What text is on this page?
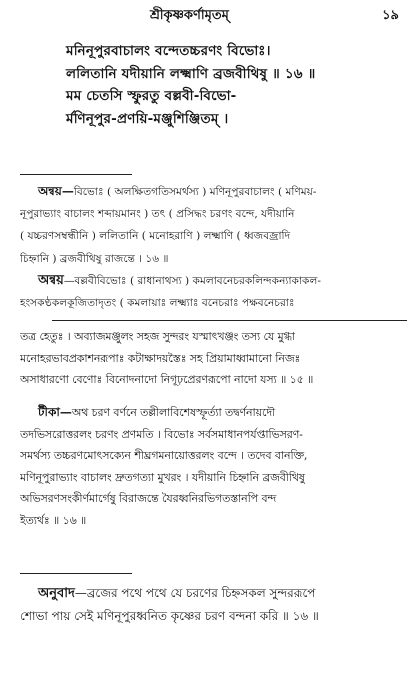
শ্রীকৃষ্ণকর্ণামৃতম্	১৯
মনিনূপুরবাচালং বন্দেতচ্চরণং বিভোঃ।
ললিতানি যদীয়ানি লক্ষ্মাণি ব্রজবীথিষু ॥ ১৬ ॥
মম চেতসি স্ফুরতু বল্লবী-বিভো-
র্মণিনূপুর-প্রণয়ি-মঞ্জুশিঞ্জিতম্ ।
অন্বয়—বিভোঃ ( অলক্ষিতগতিসমর্থস্য ) মণিনূপুরবাচালং ( মণিময়-
নূপুরাভ্যাং বাচালং শব্দায়মানং ) তৎ ( প্রসিদ্ধং চরণং বন্দে, যদীয়ানি
( যচ্চরণসম্বন্ধীনি ) ললিতানি ( মনোহরাণি ) লক্ষ্মাণি ( ধ্বজবজ্রাদি
চিহ্নানি ) ব্রজবীথিষু রাজন্তে । ১৬ ॥
অন্বয়—বল্লবীবিভোঃ ( রাধানাথস্য ) কমলাবনেচরকলিন্দকন্যাকাকল-
হংসকণ্ঠকলকূজিতাদৃতং ( কমলায়াঃ লক্ষ্ম্যাঃ বনেচরাঃ পক্ষবনেচরাঃ
তত্র হেতুঃ । অব্যাজমঞ্জুলং সহজ সুন্দরং যস্মাৎখঞ্জং তস্য যে মুগ্ধা
মনোহরভাবপ্রকাশনরূপাঃ কটাক্ষাদয়স্তৈঃ সহ প্রিয়ামাধ্বামানো নিজঃ
অসাধারণো বেণোঃ বিনোদনাদো নিগূঢ়প্রেরণরূপো নাদো যস্য ॥ ১৫ ॥
টীকা—অথ চরণ বর্ণনে তল্লীলাবিশেষস্ফূর্ত্যা তদ্বর্ণনায়দৌ
তদভিসরোত্তরলং চরণং প্রণমতি । বিভোঃ সর্বসমাধানপর্যপ্তাভিসরণ-
সমর্থস্য তচ্চরণমোৎসক্যেন শীঘ্রগমনায়োত্তরলং বন্দে । তদেব বানক্তি,
মণিনূপুরাভ্যাং বাচালং দ্রুতগত্যা মুখরং । যদীয়ানি চিহ্নানি ব্রজবীথিষু
অভিসরণসংকীর্ণমার্গেষু বিরাজন্তে যৈরধ্বনিরভিগতস্তানপি বন্দ
ইত্যর্থঃ ॥ ১৬ ॥
অনুবাদ—ব্রজের পথে পথে যে চরণের চিহ্নসকল সুন্দররূপে
শোভা পায় সেই মণিনূপুরধ্বনিত কৃষ্ণের চরণ বন্দনা করি ॥ ১৬ ॥
